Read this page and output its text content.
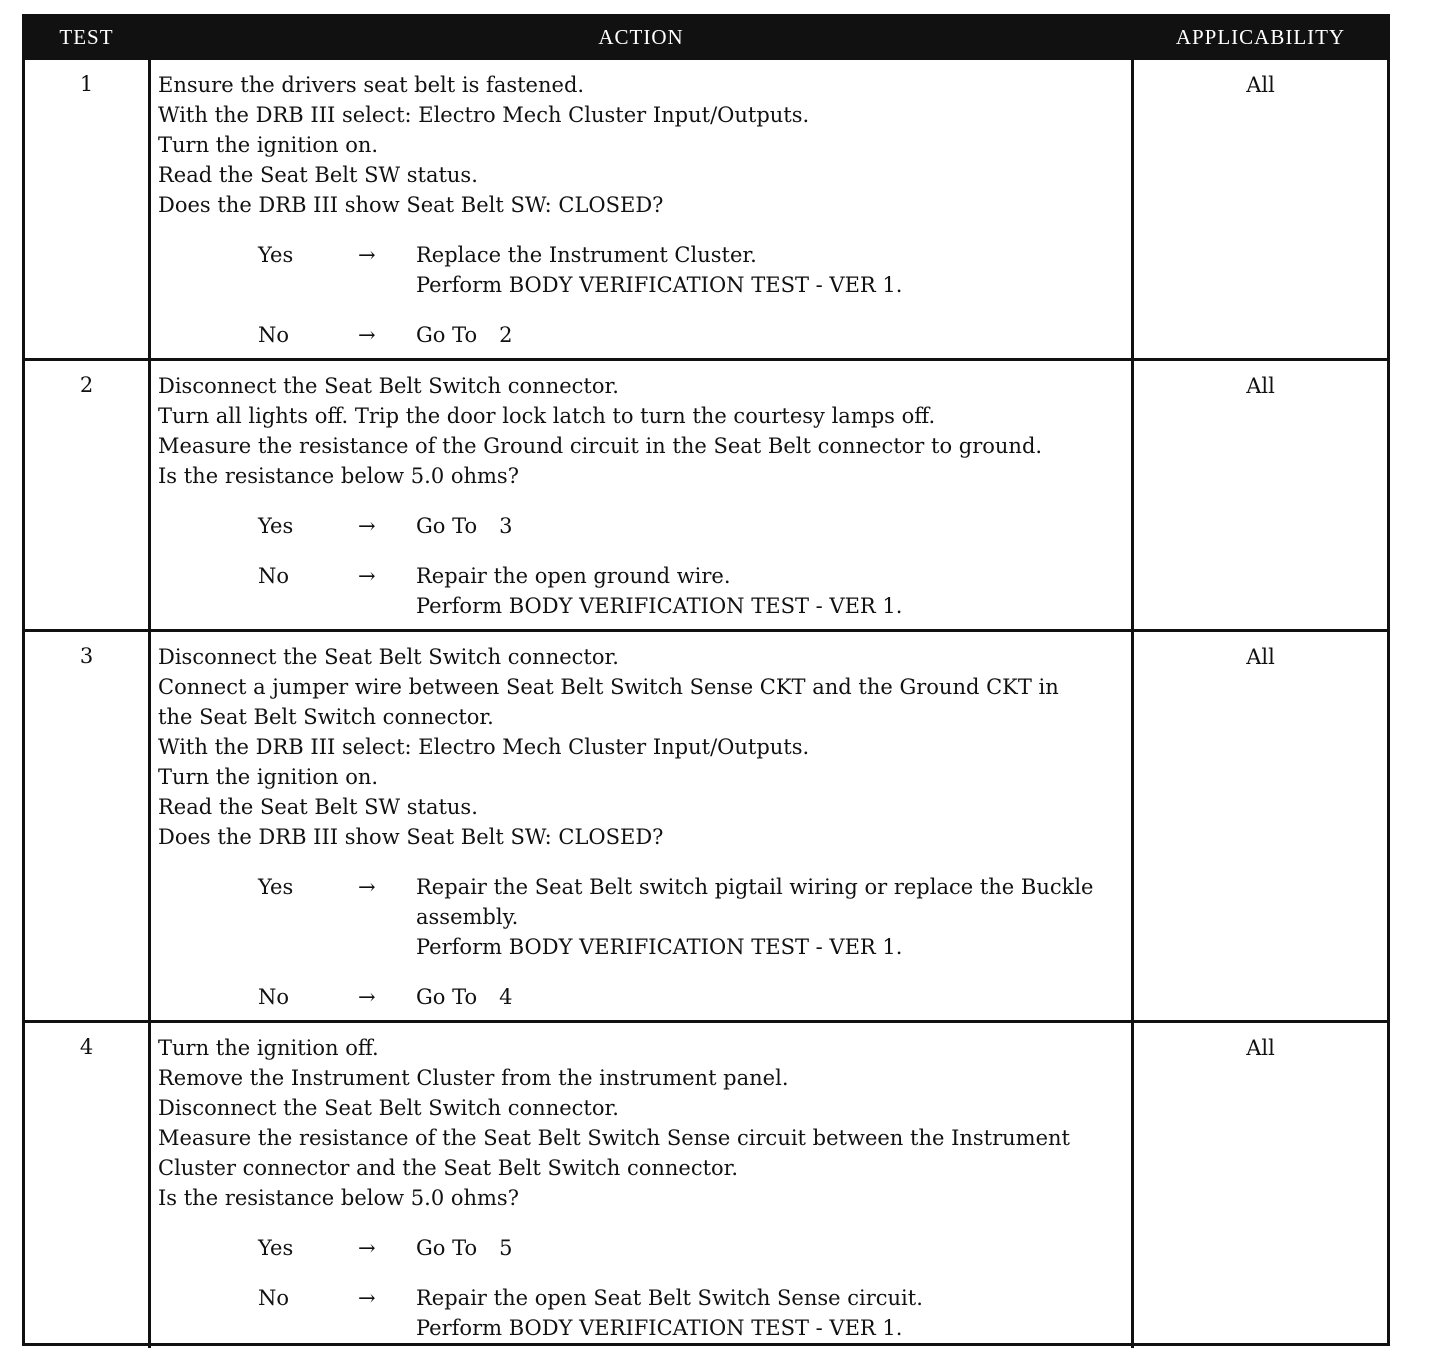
TEST	ACTION	APPLICABILITY
1	Ensure the drivers seat belt is fastened.
With the DRB III select: Electro Mech Cluster Input/Outputs.
Turn the ignition on.
Read the Seat Belt SW status.
Does the DRB III show Seat Belt SW: CLOSED?
Yes	→	Replace the Instrument Cluster.
Perform BODY VERIFICATION TEST - VER 1.
No	→	Go To 2
All
2	Disconnect the Seat Belt Switch connector.
Turn all lights off. Trip the door lock latch to turn the courtesy lamps off.
Measure the resistance of the Ground circuit in the Seat Belt connector to ground.
Is the resistance below 5.0 ohms?
Yes	→	Go To 3
No	→	Repair the open ground wire.
Perform BODY VERIFICATION TEST - VER 1.
All
3	Disconnect the Seat Belt Switch connector.
Connect a jumper wire between Seat Belt Switch Sense CKT and the Ground CKT in
the Seat Belt Switch connector.
With the DRB III select: Electro Mech Cluster Input/Outputs.
Turn the ignition on.
Read the Seat Belt SW status.
Does the DRB III show Seat Belt SW: CLOSED?
Yes	→	Repair the Seat Belt switch pigtail wiring or replace the Buckle
assembly.
Perform BODY VERIFICATION TEST - VER 1.
No	→	Go To 4
All
4	Turn the ignition off.
Remove the Instrument Cluster from the instrument panel.
Disconnect the Seat Belt Switch connector.
Measure the resistance of the Seat Belt Switch Sense circuit between the Instrument
Cluster connector and the Seat Belt Switch connector.
Is the resistance below 5.0 ohms?
Yes	→	Go To 5
No	→	Repair the open Seat Belt Switch Sense circuit.
Perform BODY VERIFICATION TEST - VER 1.
All
